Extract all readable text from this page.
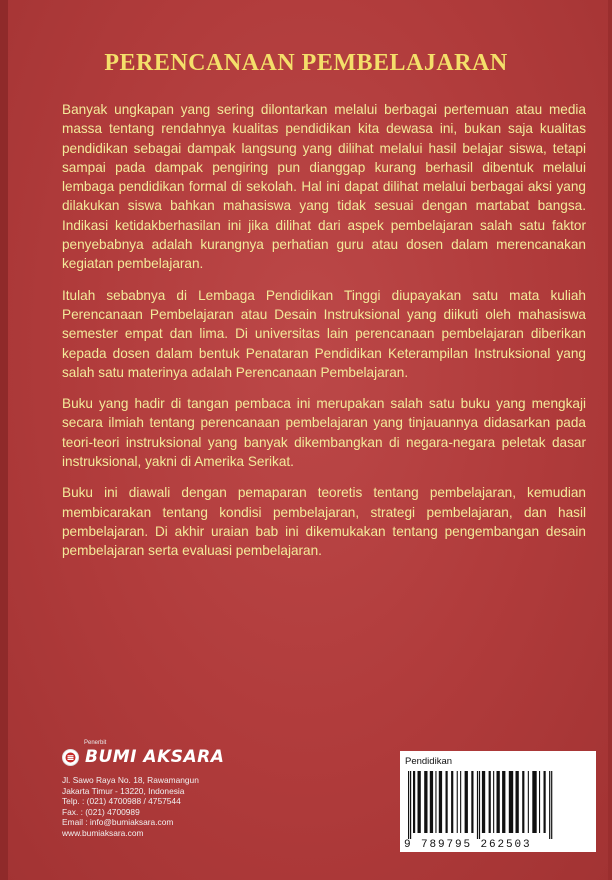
PERENCANAAN PEMBELAJARAN

Banyak ungkapan yang sering dilontarkan melalui berbagai pertemuan atau media massa tentang rendahnya kualitas pendidikan kita dewasa ini, bukan saja kualitas pendidikan sebagai dampak langsung yang dilihat melalui hasil belajar siswa, tetapi sampai pada dampak pengiring pun dianggap kurang berhasil dibentuk melalui lembaga pendidikan formal di sekolah. Hal ini dapat dilihat melalui berbagai aksi yang dilakukan siswa bahkan mahasiswa yang tidak sesuai dengan martabat bangsa. Indikasi ketidakberhasilan ini jika dilihat dari aspek pembelajaran salah satu faktor penyebabnya adalah kurangnya perhatian guru atau dosen dalam merencanakan kegiatan pembelajaran.

Itulah sebabnya di Lembaga Pendidikan Tinggi diupayakan satu mata kuliah Perencanaan Pembelajaran atau Desain Instruksional yang diikuti oleh mahasiswa semester empat dan lima. Di universitas lain perencanaan pembelajaran diberikan kepada dosen dalam bentuk Penataran Pendidikan Keterampilan Instruksional yang salah satu materinya adalah Perencanaan Pembelajaran.

Buku yang hadir di tangan pembaca ini merupakan salah satu buku yang mengkaji secara ilmiah tentang perencanaan pembelajaran yang tinjauannya didasarkan pada teori-teori instruksional yang banyak dikembangkan di negara-negara peletak dasar instruksional, yakni di Amerika Serikat.

Buku ini diawali dengan pemaparan teoretis tentang pembelajaran, kemudian membicarakan tentang kondisi pembelajaran, strategi pembelajaran, dan hasil pembelajaran. Di akhir uraian bab ini dikemukakan tentang pengembangan desain pembelajaran serta evaluasi pembelajaran.

Penerbit
BUMI AKSARA
Jl. Sawo Raya No. 18, Rawamangun
Jakarta Timur - 13220, Indonesia
Telp. : (021) 4700988 / 4757544
Fax. : (021) 4700989
Email : info@bumiaksara.com
www.bumiaksara.com
Pendidikan
9 789795 262503
